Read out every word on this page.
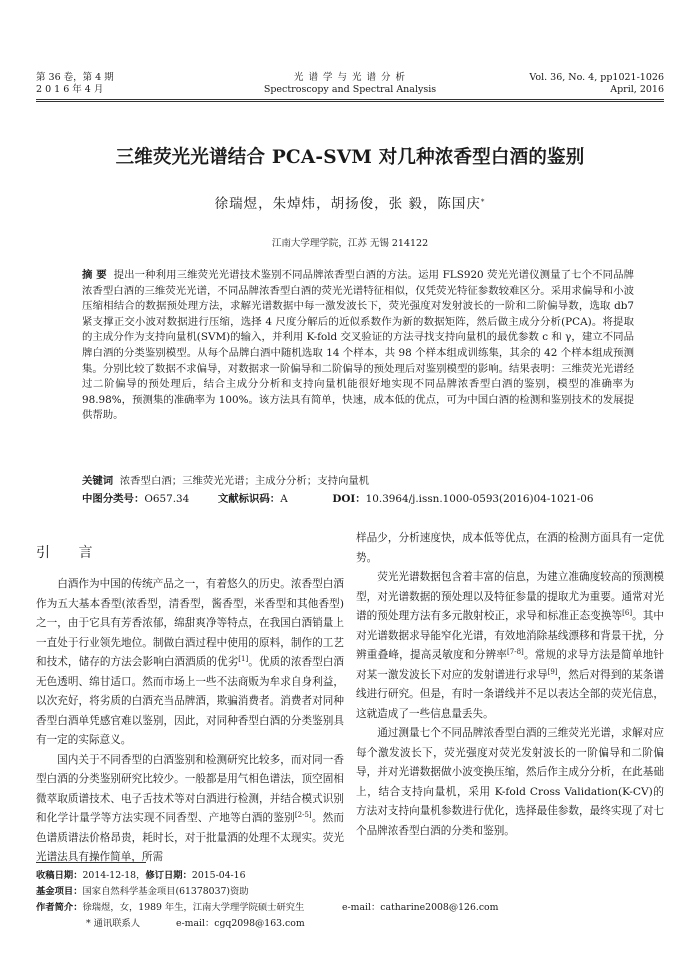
第 36 卷，第 4 期
2 0 1 6 年 4 月
光 谱 学 与 光 谱 分 析
Spectroscopy and Spectral Analysis
Vol. 36, No. 4, pp1021-1026
April, 2016
三维荧光光谱结合 PCA-SVM 对几种浓香型白酒的鉴别
徐瑞煜，朱焯炜，胡扬俊，张 毅，陈国庆*
江南大学理学院，江苏 无锡 214122

摘 要 提出一种利用三维荧光光谱技术鉴别不同品牌浓香型白酒的方法。运用 FLS920 荧光光谱仪测量了七个不同品牌浓香型白酒的三维荧光光谱，不同品牌浓香型白酒的荧光光谱特征相似，仅凭荧光特征参数较难区分。采用求偏导和小波压缩相结合的数据预处理方法，求解光谱数据中每一激发波长下，荧光强度对发射波长的一阶和二阶偏导数，选取 db7 紧支撑正交小波对数据进行压缩，选择 4 尺度分解后的近似系数作为新的数据矩阵，然后做主成分分析(PCA)。将提取的主成分作为支持向量机(SVM)的输入，并利用 K-fold 交叉验证的方法寻找支持向量机的最优参数 c 和 γ，建立不同品牌白酒的分类鉴别模型。从每个品牌白酒中随机选取 14 个样本，共 98 个样本组成训练集，其余的 42 个样本组成预测集。分别比较了数据不求偏导，对数据求一阶偏导和二阶偏导的预处理后对鉴别模型的影响。结果表明：三维荧光光谱经过二阶偏导的预处理后，结合主成分分析和支持向量机能很好地实现不同品牌浓香型白酒的鉴别，模型的准确率为 98.98%，预测集的准确率为 100%。该方法具有简单，快速，成本低的优点，可为中国白酒的检测和鉴别技术的发展提供帮助。

关键词 浓香型白酒；三维荧光光谱；主成分分析；支持向量机
中图分类号：O657.34	文献标识码：A	DOI：10.3964/j.issn.1000-0593(2016)04-1021-06
引 言

白酒作为中国的传统产品之一，有着悠久的历史。浓香型白酒作为五大基本香型(浓香型，清香型，酱香型，米香型和其他香型)之一，由于它具有芳香浓郁，绵甜爽净等特点，在我国白酒销量上一直处于行业领先地位。制做白酒过程中使用的原料，制作的工艺和技术，储存的方法会影响白酒酒质的优劣[1]。优质的浓香型白酒无色透明、绵甘适口。然而市场上一些不法商贩为牟求自身利益，以次充好，将劣质的白酒充当品牌酒，欺骗消费者。消费者对同种香型白酒单凭感官难以鉴别，因此，对同种香型白酒的分类鉴别具有一定的实际意义。

国内关于不同香型的白酒鉴别和检测研究比较多，而对同一香型白酒的分类鉴别研究比较少。一般都是用气相色谱法，顶空固相微萃取质谱技术、电子舌技术等对白酒进行检测，并结合模式识别和化学计量学等方法实现不同香型、产地等白酒的鉴别[2-5]。然而色谱质谱法价格昂贵，耗时长，对于批量酒的处理不太现实。荧光光谱法具有操作简单，所需

样品少，分析速度快，成本低等优点，在酒的检测方面具有一定优势。

荧光光谱数据包含着丰富的信息，为建立准确度较高的预测模型，对光谱数据的预处理以及特征参量的提取尤为重要。通常对光谱的预处理方法有多元散射校正，求导和标准正态变换等[6]。其中对光谱数据求导能窄化光谱，有效地消除基线漂移和背景干扰，分辨重叠峰，提高灵敏度和分辨率[7-8]。常规的求导方法是简单地针对某一激发波长下对应的发射谱进行求导[9]，然后对得到的某条谱线进行研究。但是，有时一条谱线并不足以表达全部的荧光信息，这就造成了一些信息量丢失。

通过测量七个不同品牌浓香型白酒的三维荧光光谱，求解对应每个激发波长下，荧光强度对荧光发射波长的一阶偏导和二阶偏导，并对光谱数据做小波变换压缩，然后作主成分分析，在此基础上，结合支持向量机，采用 K-fold Cross Validation(K-CV)的方法对支持向量机参数进行优化，选择最佳参数，最终实现了对七个品牌浓香型白酒的分类和鉴别。

收稿日期：2014-12-18，修订日期：2015-04-16
基金项目：国家自然科学基金项目(61378037)资助
作者简介：徐瑞煜，女，1989 年生，江南大学理学院硕士研究生	e-mail：catharine2008@126.com
* 通讯联系人	e-mail：cgq2098@163.com
